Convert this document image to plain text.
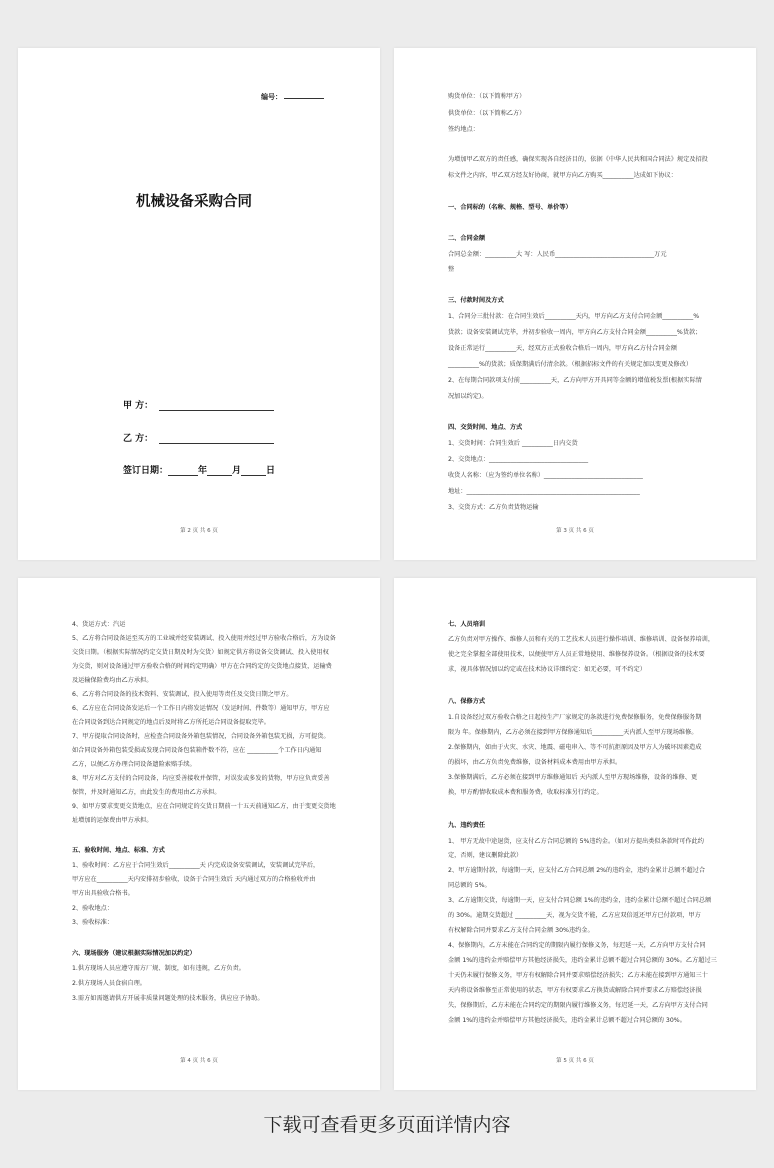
编号：
机械设备采购合同
甲 方：
乙 方：
签订日期：	年	月	日
第 2 页 共 6 页
购货单位：（以下简称甲方）
供货单位：（以下简称乙方）
签约地点：
为增加甲乙双方的责任感，确保实现各自经济目的，依据《中华人民共和国合同法》规定及招投
标文件之内容，甲乙双方经友好协商，就甲方向乙方购买__________达成如下协议：
一、合同标的（名称、规格、型号、单价等）
二、合同金额
合同总金额：__________大 写：人民币________________________________万元
整
三、付款时间及方式
1、合同分三批付款：在合同生效后__________天内，甲方向乙方支付合同金额__________%
货款；设备安装调试完毕，并初步验收一周内，甲方向乙方支付合同金额__________%货款；
设备正常运行__________天，经双方正式验收合格后一周内，甲方向乙方付合同金额
__________%的货款；质保期满后付清余款。（根据招标文件的有关规定加以变更及修改）
2、在每期合同款项支付前__________天，乙方向甲方开具同等金额的增值税发票(根据实际情
况加以约定)。
四、交货时间、地点、方式
1、交货时间：合同生效后 __________日内交货
2、交货地点：________________________________
收货人名称：（应为签约单位名称）________________________________
地址：________________________________________________________
3、交货方式：乙方负责货物运输
第 3 页 共 6 页
4、货运方式：汽运
5、乙方将合同设备运至买方的工业城并经安装调试、投入使用并经过甲方验收合格后，方为设备
交货日期。（根据实际情况约定交货日期及时为交货）如规定供方将设备交货调试、投入使用权
为交货，则对设备通过甲方验收合格的时间约定明确）甲方在合同约定的交货地点接货，运输费
及运输保险费均由乙方承担。
6、乙方将合同设备的技术资料、安装调试、投入使用等责任及交货日期之甲方。
6、乙方应在合同设备发运后一个工作日内将发运情况（发运时间、件数等）通知甲方，甲方应
在合同设备到达合同规定的地点后及时将乙方所托运合同设备提取完毕。
7、甲方提取合同设备时，应检查合同设备外箱包装情况，合同设备外箱包装无损，方可提货。
如合同设备外箱包装受损或发现合同设备包装箱件数不符，应在 __________个工作日内通知
乙方，以便乙方办理合同设备遗险索赔手续。
8、甲方对乙方支付的合同设备，均应妥善接收并保管，对误发或多发的货物，甲方应负责妥善
保管，并及时通知乙方，由此发生的费用由乙方承担。
9、如甲方要求变更交货地点，应在合同规定的交货日期前一十五天前通知乙方，由于变更交货地
址增加的运保费由甲方承担。
五、验收时间、地点、标准、方式
1、验收时间：乙方应于合同生效后__________天 内完成设备安装调试，安装调试完毕后，
甲方应在__________天内安排初步验收，设备于合同生效后 天内通过双方的合格验收并由
甲方出具验收合格书。
2、验收地点：
3、验收标准：
六、现场服务（建议根据实际情况加以约定）
1.供方现场人员应遵守需方厂规、制度，如有违规，乙方负责。
2.供方现场人员食宿自理。
3.需方如需邀请供方开展非质量问题处理的技术服务，供应应予协助。
第 4 页 共 6 页
七、人员培训
乙方负责对甲方操作、维修人员和有关的工艺技术人员进行操作培训、维修培训、设备保养培训，
使之完全掌握全部使用技术，以便使甲方人员正常地使用、维修保养设备。（根据设备的技术要
求，视具体情况加以约定或在技术协议详细约定：如无必要，可不约定）
八、保修方式
1.自设备经过双方验收合格之日起按生产厂家规定的条款进行免费保修服务，免费保修服务期
限为 年。保修期内，乙方必须在接到甲方保修通知后__________天内派人至甲方现场维修。
2.保修期内，如由于火灾、水灾、地震、磁电串入、等不可抗拒原因及甲方人为破坏因素造成
的损坏，由乙方负责免费维修，设备材料成本费用由甲方承担。
3.保修期满后，乙方必须在接到甲方维修通知后 天内派人至甲方现场维修，设备的维修、更
换，甲方酌情收取成本费和服务费，收取标准另行约定。
九、违约责任
1、 甲方无故中途退货，应支付乙方合同总额的 5%违约金。（如对方提出类似条款时可作此约
定，否则，建议删除此款）
2、甲方逾期付款，每逾期一天，应支付乙方合同总额 2%的违约金，违约金累计总额不超过合
同总额的 5%。
3、乙方逾期交货，每逾期一天，应支付合同总额 1%的违约金，违约金累计总额不超过合同总额
的 30%。逾期交货超过 __________天，视为交货不能，乙方应双倍返还甲方已付款项，甲方
有权解除合同并要求乙方支付合同金额 30%违约金。
4、保修期内，乙方未能在合同约定的期限内履行保修义务，每迟延一天，乙方向甲方支付合同
金额 1%的违约金并赔偿甲方其他经济损失，违约金累计总额不超过合同总额的 30%。乙方超过三
十天仍未履行保修义务，甲方有权解除合同并要求赔偿经济损失；乙方未能在接到甲方通知三十
天内将设备维修至正常使用的状态，甲方有权要求乙方换货或解除合同并要求乙方赔偿经济损
失，保修期后，乙方未能在合同约定的期限内履行维修义务，每迟延一天，乙方向甲方支付合同
金额 1%的违约金并赔偿甲方其他经济损失，违约金累计总额不超过合同总额的 30%。
第 5 页 共 6 页
下载可查看更多页面详情内容
